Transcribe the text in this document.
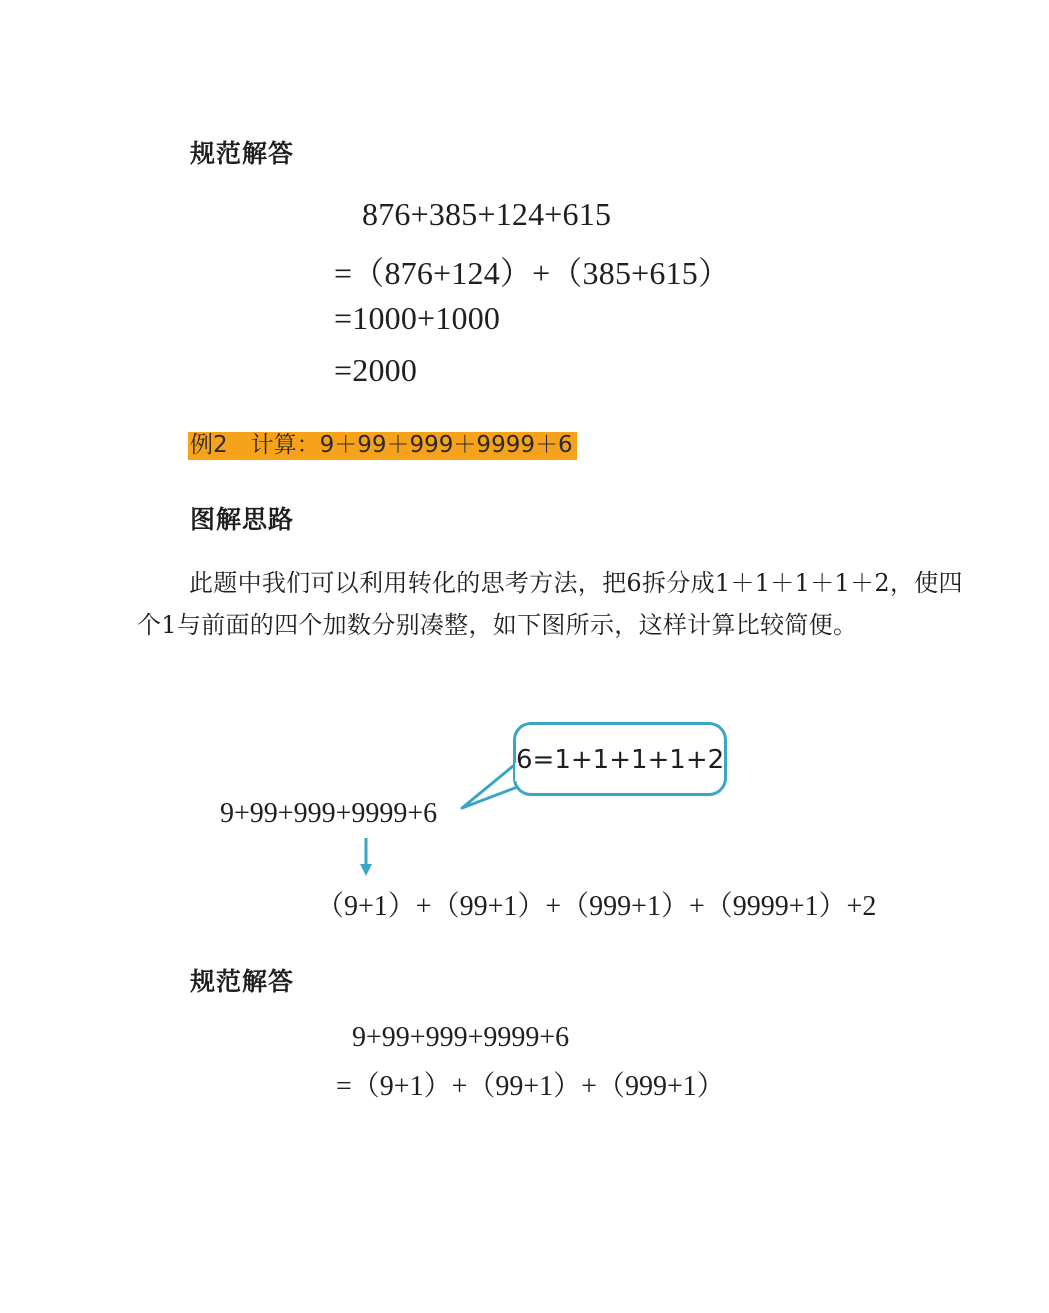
规范解答
876+385+124+615
=（876+124）+（385+615）
=1000+1000
=2000
例2　计算：9＋99＋999＋9999＋6
图解思路
此题中我们可以利用转化的思考方法，把6拆分成1＋1＋1＋1＋2，使四个1与前面的四个加数分别凑整，如下图所示，这样计算比较简便。
6=1+1+1+1+2
9+99+999+9999+6
（9+1）+（99+1）+（999+1）+（9999+1）+2
规范解答
9+99+999+9999+6
=（9+1）+（99+1）+（999+1）
